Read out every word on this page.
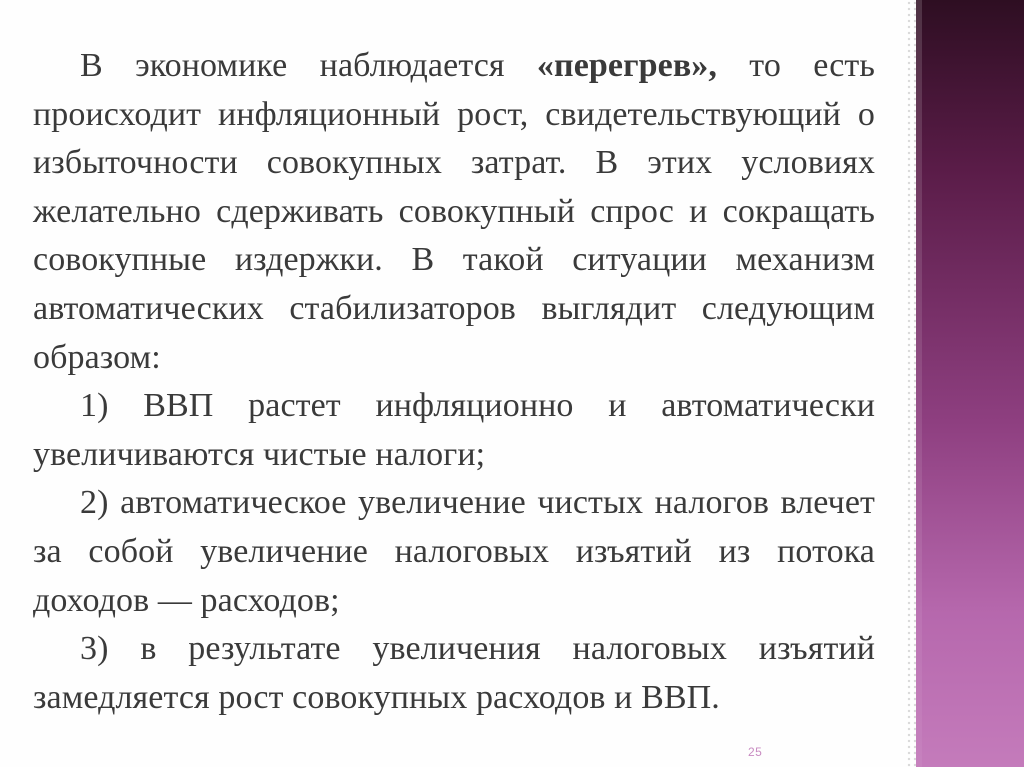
В экономике наблюдается «перегрев», то есть происходит инфляционный рост, свидетельствующий о избыточности совокупных затрат. В этих условиях желательно сдерживать совокупный спрос и сокращать совокупные издержки. В такой ситуации механизм автоматических стабилизаторов выглядит следующим образом:

1) ВВП растет инфляционно и автоматически увеличиваются чистые налоги;

2) автоматическое увеличение чистых налогов влечет за собой увеличение налоговых изъятий из потока доходов — расходов;

3) в результате увеличения налоговых изъятий замедляется рост совокупных расходов и ВВП.

25
